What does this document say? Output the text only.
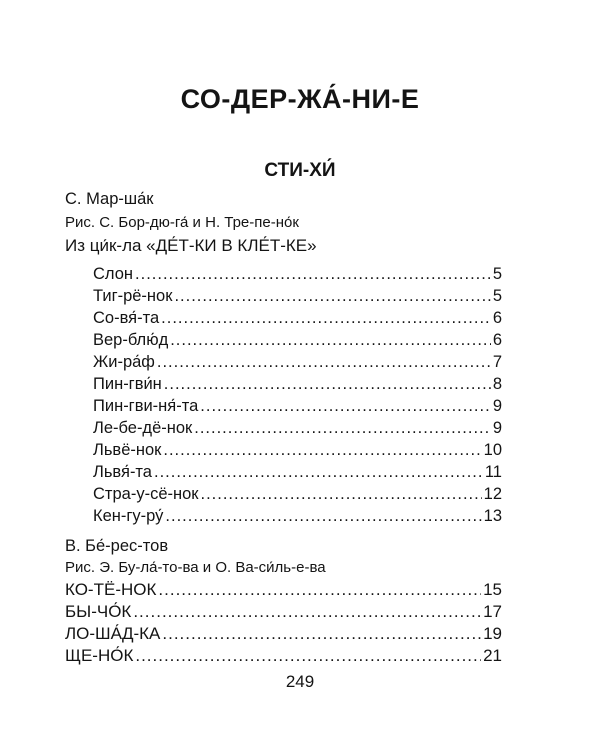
СО-ДЕР-ЖА́-НИ-Е
СТИ-ХИ́
С. Мар-ша́к
Рис. С. Бор-дю-га́ и Н. Тре-пе-но́к
Из ци́к-ла «ДЕ́Т-КИ В КЛЕ́Т-КЕ»
Слон .....	5
Тиг-рё-нок .....	5
Со-вя́-та .....	6
Вер-блю́д .....	6
Жи-ра́ф .....	7
Пин-гви́н .....	8
Пин-гви-ня́-та .....	9
Ле-бе-дё-нок .....	9
Львё-нок .....	10
Львя́-та .....	11
Стра-у-сё-нок .....	12
Кен-гу-ру́ .....	13
В. Бе́-рес-тов
Рис. Э. Бу-ла́-то-ва и О. Ва-си́ль-е-ва
КО-ТЁ-НОК .....	15
БЫ-ЧО́К .....	17
ЛО-ША́Д-КА .....	19
ЩЕ-НО́К .....	21
249
